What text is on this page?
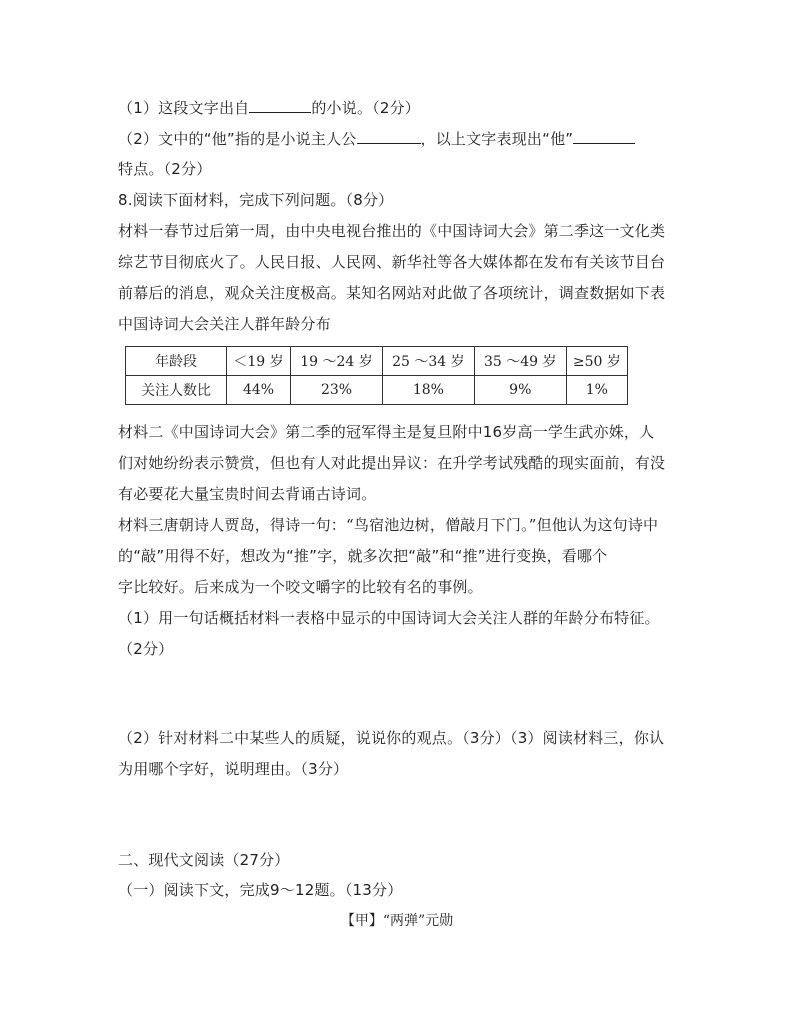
（1）这段文字出自	的小说。（2分）
（2）文中的“他”指的是小说主人公	，以上文字表现出“他”
特点。（2分）
8.阅读下面材料，完成下列问题。（8分）
材料一春节过后第一周，由中央电视台推出的《中国诗词大会》第二季这一文化类
综艺节目彻底火了。人民日报、人民网、新华社等各大媒体都在发布有关该节目台
前幕后的消息，观众关注度极高。某知名网站对此做了各项统计，调查数据如下表
中国诗词大会关注人群年龄分布
年龄段	＜19 岁	19 ～24 岁	25 ～34 岁	35 ～49 岁	≥50 岁
关注人数比	44%	23%	18%	9%	1%
材料二《中国诗词大会》第二季的冠军得主是复旦附中16岁高一学生武亦姝，人
们对她纷纷表示赞赏，但也有人对此提出异议：在升学考试残酷的现实面前，有没
有必要花大量宝贵时间去背诵古诗词。
材料三唐朝诗人贾岛，得诗一句：“鸟宿池边树，僧敲月下门。”但他认为这句诗中
的“敲”用得不好，想改为“推”字，就多次把“敲”和“推”进行变换，看哪个
字比较好。后来成为一个咬文嚼字的比较有名的事例。
（1）用一句话概括材料一表格中显示的中国诗词大会关注人群的年龄分布特征。
（2分）
（2）针对材料二中某些人的质疑，说说你的观点。（3分）（3）阅读材料三，你认
为用哪个字好，说明理由。（3分）
二、现代文阅读（27分）
（一）阅读下文，完成9～12题。（13分）
【甲】“两弹”元勋
